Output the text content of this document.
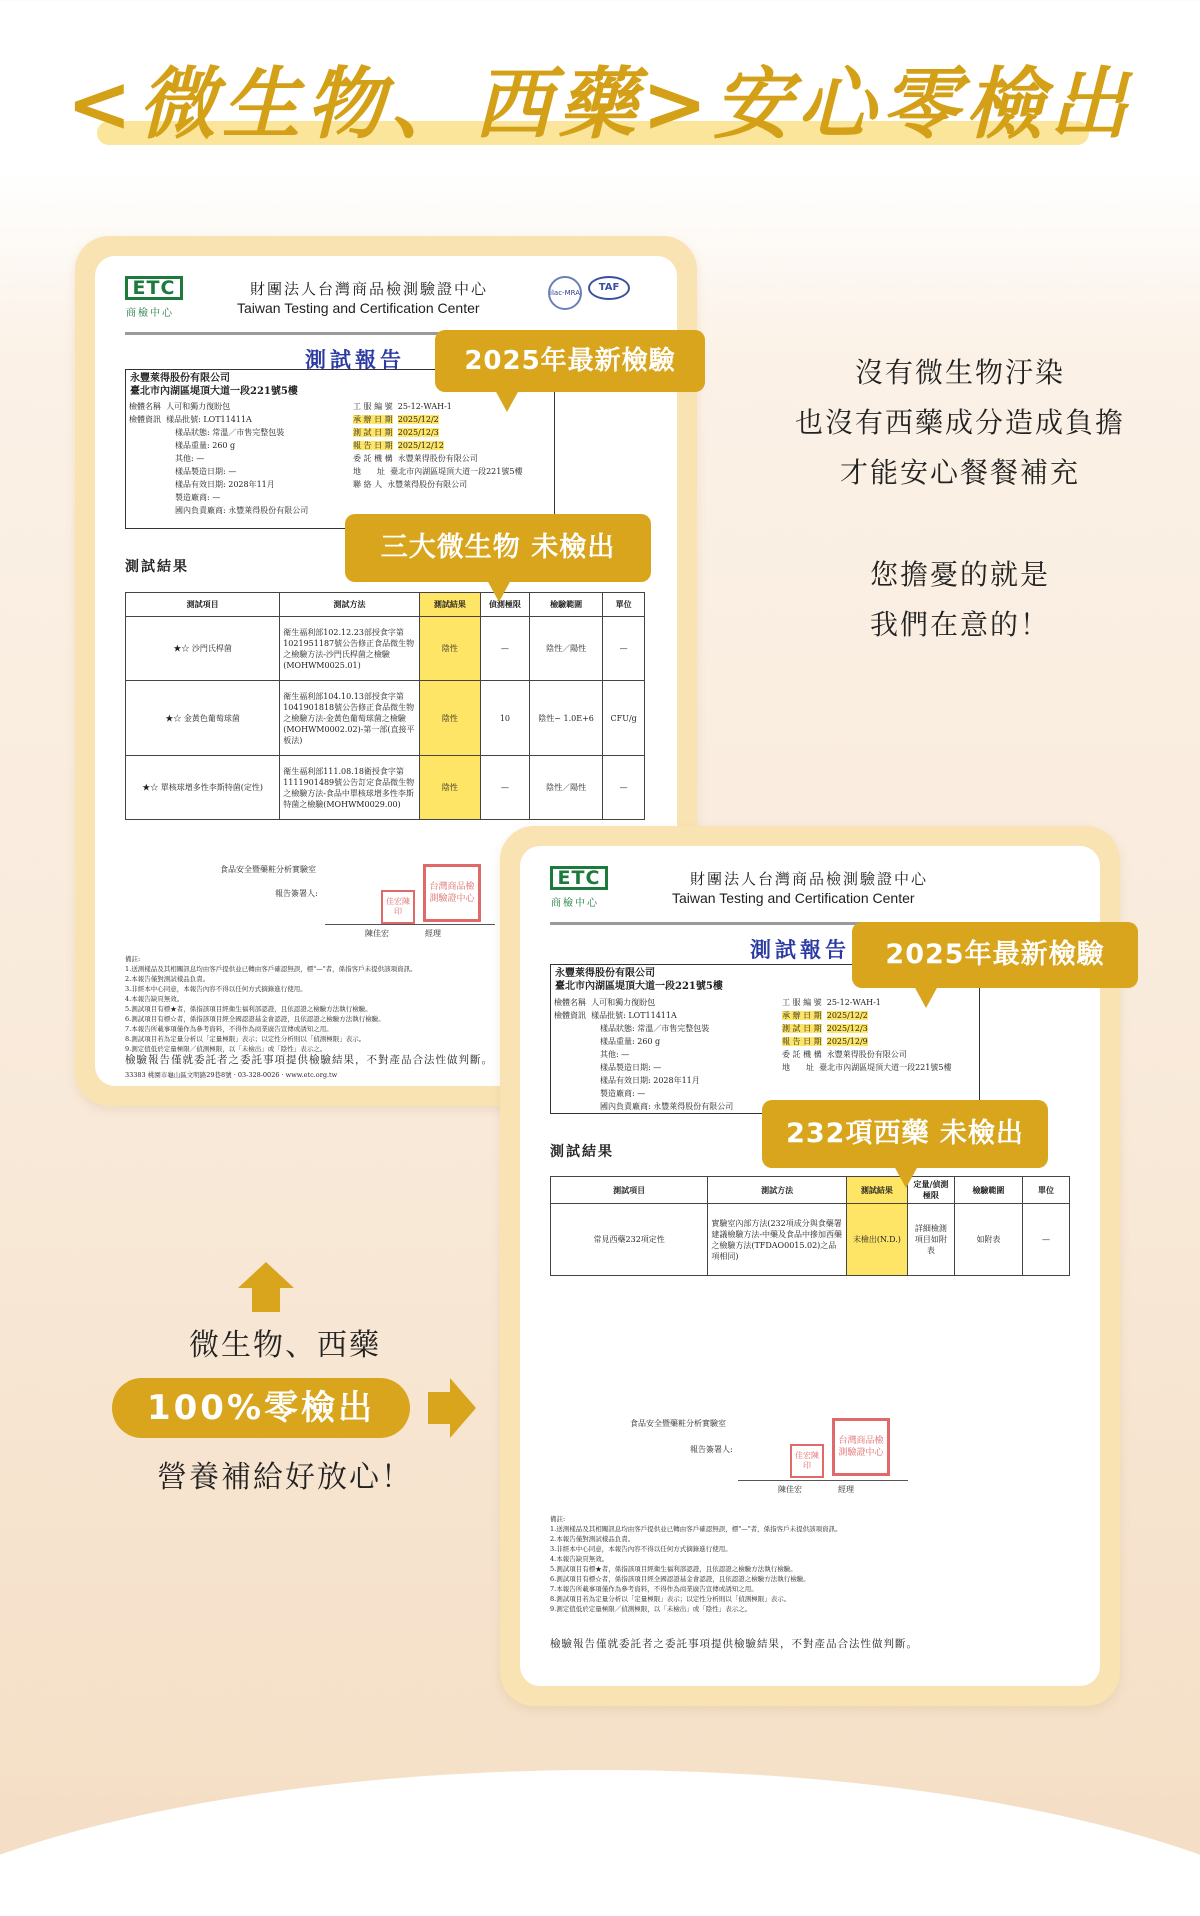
<微生物、西藥>安心零檢出
ETC
商檢中心
財團法人台灣商品檢測驗證中心
Taiwan Testing and Certification Center
ilac-MRA	TAF
測試報告
永豐萊得股份有限公司
臺北市內湖區堤頂大道一段221號5樓
檢體名稱 人可和獨力復盼包
檢體資訊 樣品批號: LOT11411A
樣品狀態: 常溫／市售完整包裝
樣品重量: 260 g
其他: —
樣品製造日期: —
樣品有效日期: 2028年11月
製造廠商: —
國內負責廠商: 永豐萊得股份有限公司
工 服 編 號 25-12-WAH-1
承 辦 日 期 2025/12/2
測 試 日 期 2025/12/3
報 告 日 期 2025/12/12
委 託 機 構 永豐萊得股份有限公司
地　　址 臺北市內湖區堤頂大道一段221號5樓
聯 絡 人 永豐萊得股份有限公司
測試結果
測試項目	測試方法	測試結果	偵測極限	檢驗範圍	單位
★☆ 沙門氏桿菌	衛生福利部102.12.23部授食字第1021951187號公告修正食品微生物之檢驗方法-沙門氏桿菌之檢驗(MOHWM0025.01)	陰性	—	陰性／陽性	—
★☆ 金黃色葡萄球菌	衛生福利部104.10.13部授食字第1041901818號公告修正食品微生物之檢驗方法-金黃色葡萄球菌之檢驗(MOHWM0002.02)-第一部(直接平板法)	陰性	10	陰性~ 1.0E+6	CFU/g
★☆ 單核球增多性李斯特菌(定性)	衛生福利部111.08.18衛授食字第1111901489號公告訂定食品微生物之檢驗方法-食品中單核球增多性李斯特菌之檢驗(MOHWM0029.00)	陰性	—	陰性／陽性	—
食品安全暨藥粧分析實驗室
報告簽署人:
台灣商品檢測驗證中心
佳宏陳印
陳佳宏	經理
備註:
1.送測樣品及其相關訊息均由客戶提供並已轉由客戶確認無誤，標"—"者，係指客戶未提供該項資訊。
2.本報告僅對測試樣品負責。
3.非經本中心同意，本報告內容不得以任何方式摘錄進行使用。
4.本報告缺頁無效。
5.測試項目有標★者，係指該項目經衛生福利部認證，且依認證之檢驗方法執行檢驗。
6.測試項目有標☆者，係指該項目經全國認證基金會認證，且依認證之檢驗方法執行檢驗。
7.本報告所載事項僅作為參考資料，不得作為商業廣告宣傳或誘知之用。
8.測試項目若為定量分析以「定量極限」表示；以定性分析則以「偵測極限」表示。
9.測定值低於定量極限／偵測極限，以「未檢出」或「陰性」表示之。
檢驗報告僅就委託者之委託事項提供檢驗結果，不對產品合法性做判斷。
33383 桃園市龜山區文明路29巷8號 · 03-328-0026 · www.etc.org.tw
2025年最新檢驗
三大微生物 未檢出
ETC
商檢中心
財團法人台灣商品檢測驗證中心
Taiwan Testing and Certification Center
測試報告
永豐萊得股份有限公司
臺北市內湖區堤頂大道一段221號5樓
檢體名稱 人可和獨力復盼包
檢體資訊 樣品批號: LOT11411A
樣品狀態: 常溫／市售完整包裝
樣品重量: 260 g
其他: —
樣品製造日期: —
樣品有效日期: 2028年11月
製造廠商: —
國內負責廠商: 永豐萊得股份有限公司
工 服 編 號 25-12-WAH-1
承 辦 日 期 2025/12/2
測 試 日 期 2025/12/3
報 告 日 期 2025/12/9
委 託 機 構 永豐萊得股份有限公司
地　　址 臺北市內湖區堤頂大道一段221號5樓
測試結果
測試項目	測試方法	測試結果	定量/偵測極限	檢驗範圍	單位
常見西藥232項定性	實驗室內部方法(232項成分與食藥署建議檢驗方法-中藥及食品中摻加西藥之檢驗方法(TFDAO0015.02)之品項相同)	未檢出(N.D.)	詳細檢測項目如附表	如附表	—
食品安全暨藥粧分析實驗室
報告簽署人:
台灣商品檢測驗證中心
佳宏陳印
陳佳宏	經理
備註:
1.送測樣品及其相關訊息均由客戶提供並已轉由客戶確認無誤，標"—"者，係指客戶未提供該項資訊。
2.本報告僅對測試樣品負責。
3.非經本中心同意，本報告內容不得以任何方式摘錄進行使用。
4.本報告缺頁無效。
5.測試項目有標★者，係指該項目經衛生福利部認證，且依認證之檢驗方法執行檢驗。
6.測試項目有標☆者，係指該項目經全國認證基金會認證，且依認證之檢驗方法執行檢驗。
7.本報告所載事項僅作為參考資料，不得作為商業廣告宣傳或誘知之用。
8.測試項目若為定量分析以「定量極限」表示；以定性分析則以「偵測極限」表示。
9.測定值低於定量極限／偵測極限，以「未檢出」或「陰性」表示之。
檢驗報告僅就委託者之委託事項提供檢驗結果，不對產品合法性做判斷。
2025年最新檢驗
232項西藥 未檢出
沒有微生物汙染
也沒有西藥成分造成負擔
才能安心餐餐補充
您擔憂的就是
我們在意的！
微生物、西藥
100%零檢出
營養補給好放心！
